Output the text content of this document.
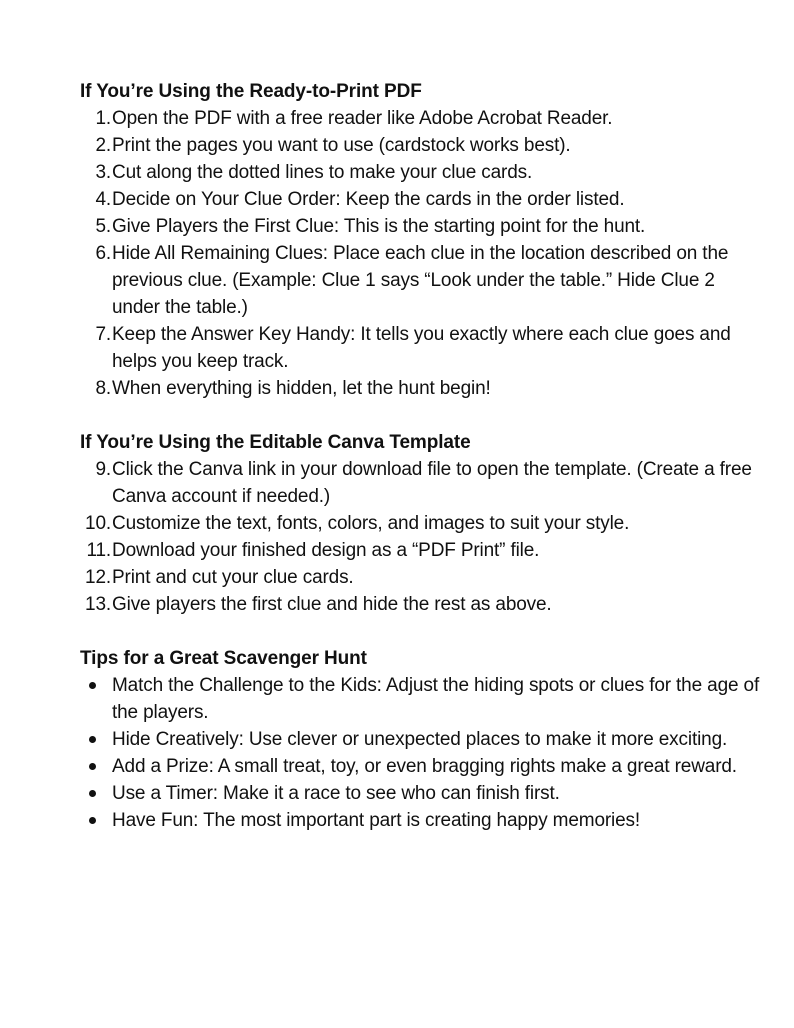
If You’re Using the Ready-to-Print PDF
1. Open the PDF with a free reader like Adobe Acrobat Reader.
2. Print the pages you want to use (cardstock works best).
3. Cut along the dotted lines to make your clue cards.
4. Decide on Your Clue Order: Keep the cards in the order listed.
5. Give Players the First Clue: This is the starting point for the hunt.
6. Hide All Remaining Clues: Place each clue in the location described on the previous clue. (Example: Clue 1 says “Look under the table.” Hide Clue 2 under the table.)
7. Keep the Answer Key Handy: It tells you exactly where each clue goes and helps you keep track.
8. When everything is hidden, let the hunt begin!
If You’re Using the Editable Canva Template
9. Click the Canva link in your download file to open the template. (Create a free Canva account if needed.)
10. Customize the text, fonts, colors, and images to suit your style.
11. Download your finished design as a “PDF Print” file.
12. Print and cut your clue cards.
13. Give players the first clue and hide the rest as above.
Tips for a Great Scavenger Hunt
Match the Challenge to the Kids: Adjust the hiding spots or clues for the age of the players.
Hide Creatively: Use clever or unexpected places to make it more exciting.
Add a Prize: A small treat, toy, or even bragging rights make a great reward.
Use a Timer: Make it a race to see who can finish first.
Have Fun: The most important part is creating happy memories!
